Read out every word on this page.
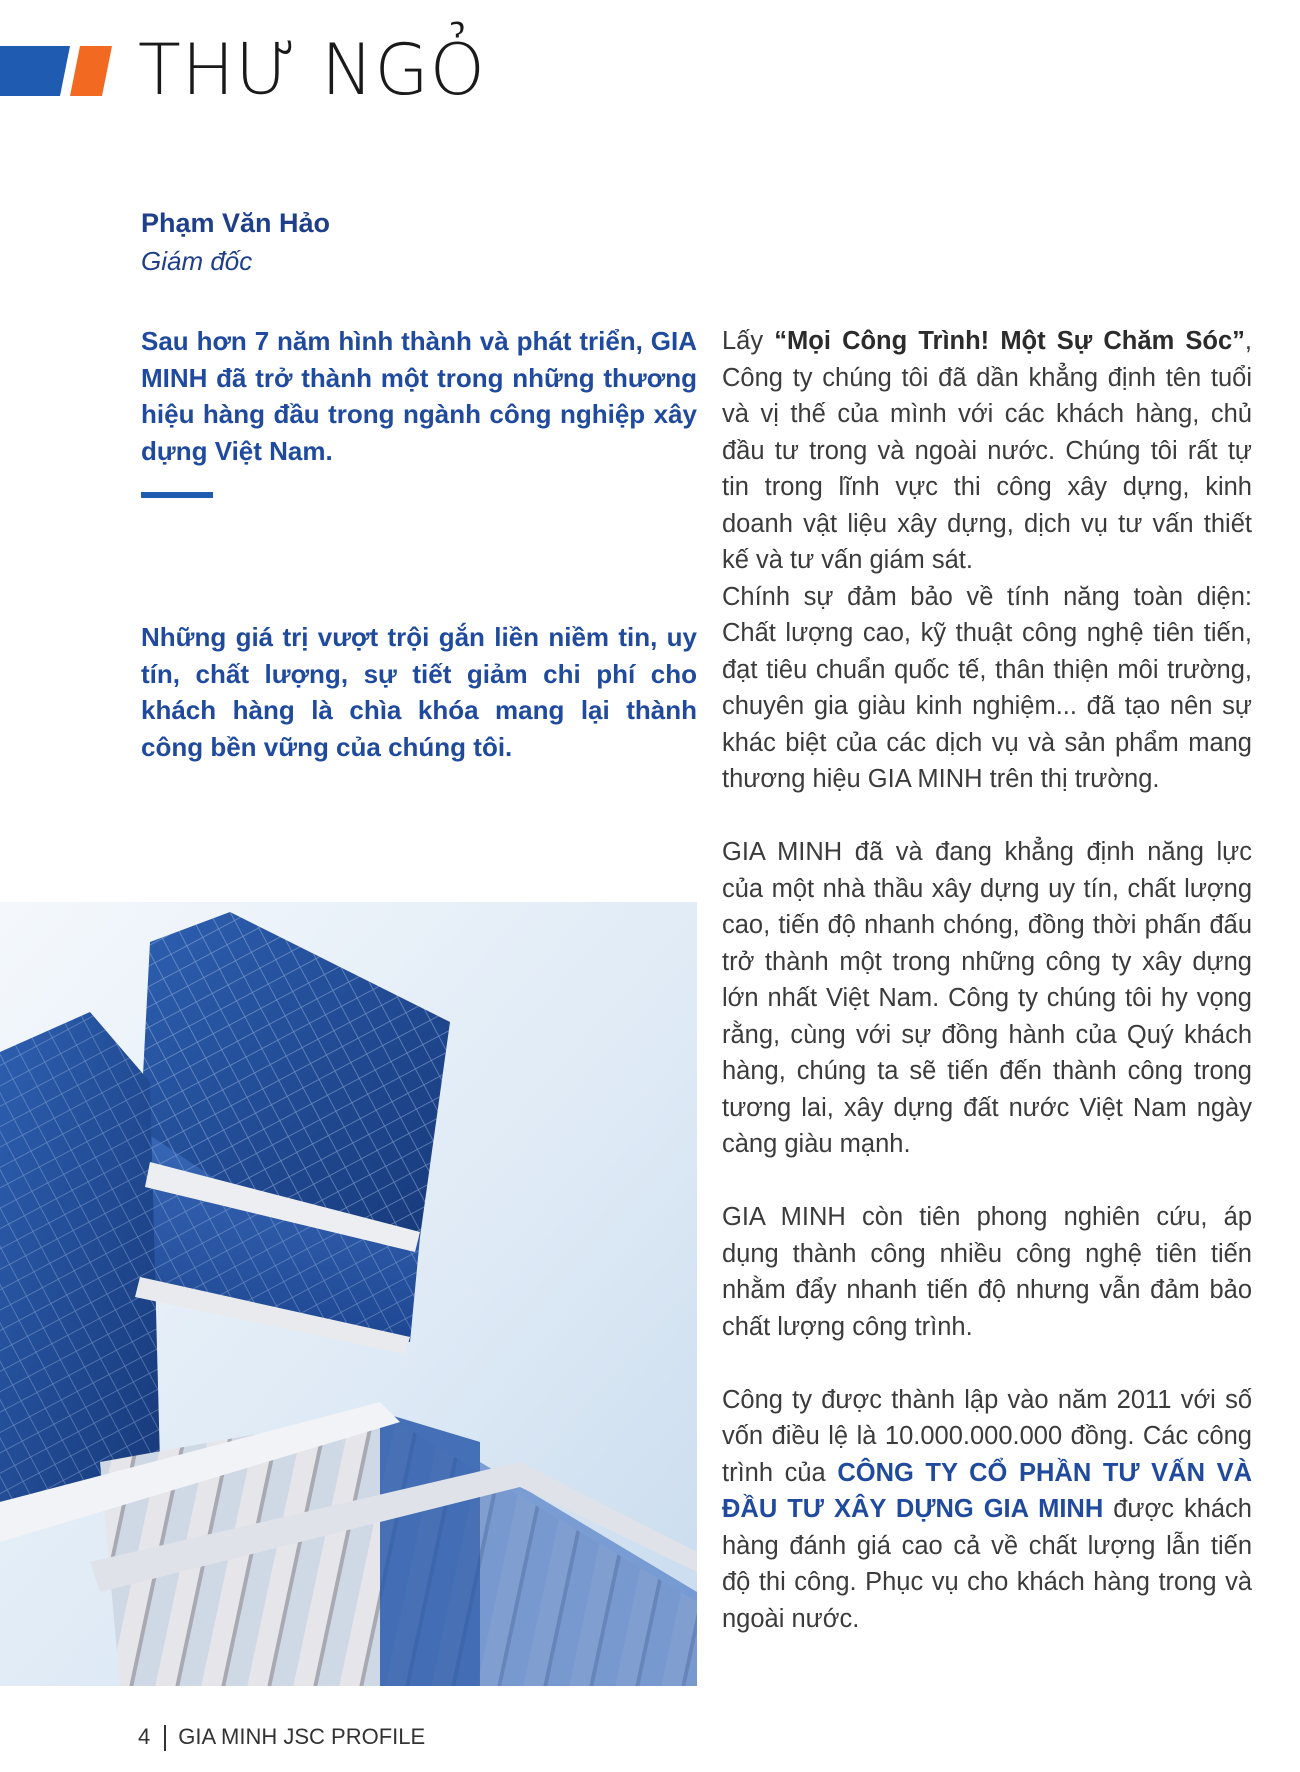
THƯ NGỎ
Phạm Văn Hảo
Giám đốc

Sau hơn 7 năm hình thành và phát triển, GIA MINH đã trở thành một trong những thương hiệu hàng đầu trong ngành công nghiệp xây dựng Việt Nam.

Những giá trị vượt trội gắn liền niềm tin, uy tín, chất lượng, sự tiết giảm chi phí cho khách hàng là chìa khóa mang lại thành công bền vững của chúng tôi.

Lấy “Mọi Công Trình! Một Sự Chăm Sóc”, Công ty chúng tôi đã dần khẳng định tên tuổi và vị thế của mình với các khách hàng, chủ đầu tư trong và ngoài nước. Chúng tôi rất tự tin trong lĩnh vực thi công xây dựng, kinh doanh vật liệu xây dựng, dịch vụ tư vấn thiết kế và tư vấn giám sát.

Chính sự đảm bảo về tính năng toàn diện: Chất lượng cao, kỹ thuật công nghệ tiên tiến, đạt tiêu chuẩn quốc tế, thân thiện môi trường, chuyên gia giàu kinh nghiệm... đã tạo nên sự khác biệt của các dịch vụ và sản phẩm mang thương hiệu GIA MINH trên thị trường.

GIA MINH đã và đang khẳng định năng lực của một nhà thầu xây dựng uy tín, chất lượng cao, tiến độ nhanh chóng, đồng thời phấn đấu trở thành một trong những công ty xây dựng lớn nhất Việt Nam. Công ty chúng tôi hy vọng rằng, cùng với sự đồng hành của Quý khách hàng, chúng ta sẽ tiến đến thành công trong tương lai, xây dựng đất nước Việt Nam ngày càng giàu mạnh.

GIA MINH còn tiên phong nghiên cứu, áp dụng thành công nhiều công nghệ tiên tiến nhằm đẩy nhanh tiến độ nhưng vẫn đảm bảo chất lượng công trình.

Công ty được thành lập vào năm 2011 với số vốn điều lệ là 10.000.000.000 đồng. Các công trình của CÔNG TY CỔ PHẦN TƯ VẤN VÀ ĐẦU TƯ XÂY DỰNG GIA MINH được khách hàng đánh giá cao cả về chất lượng lẫn tiến độ thi công. Phục vụ cho khách hàng trong và ngoài nước.

4 GIA MINH JSC PROFILE
